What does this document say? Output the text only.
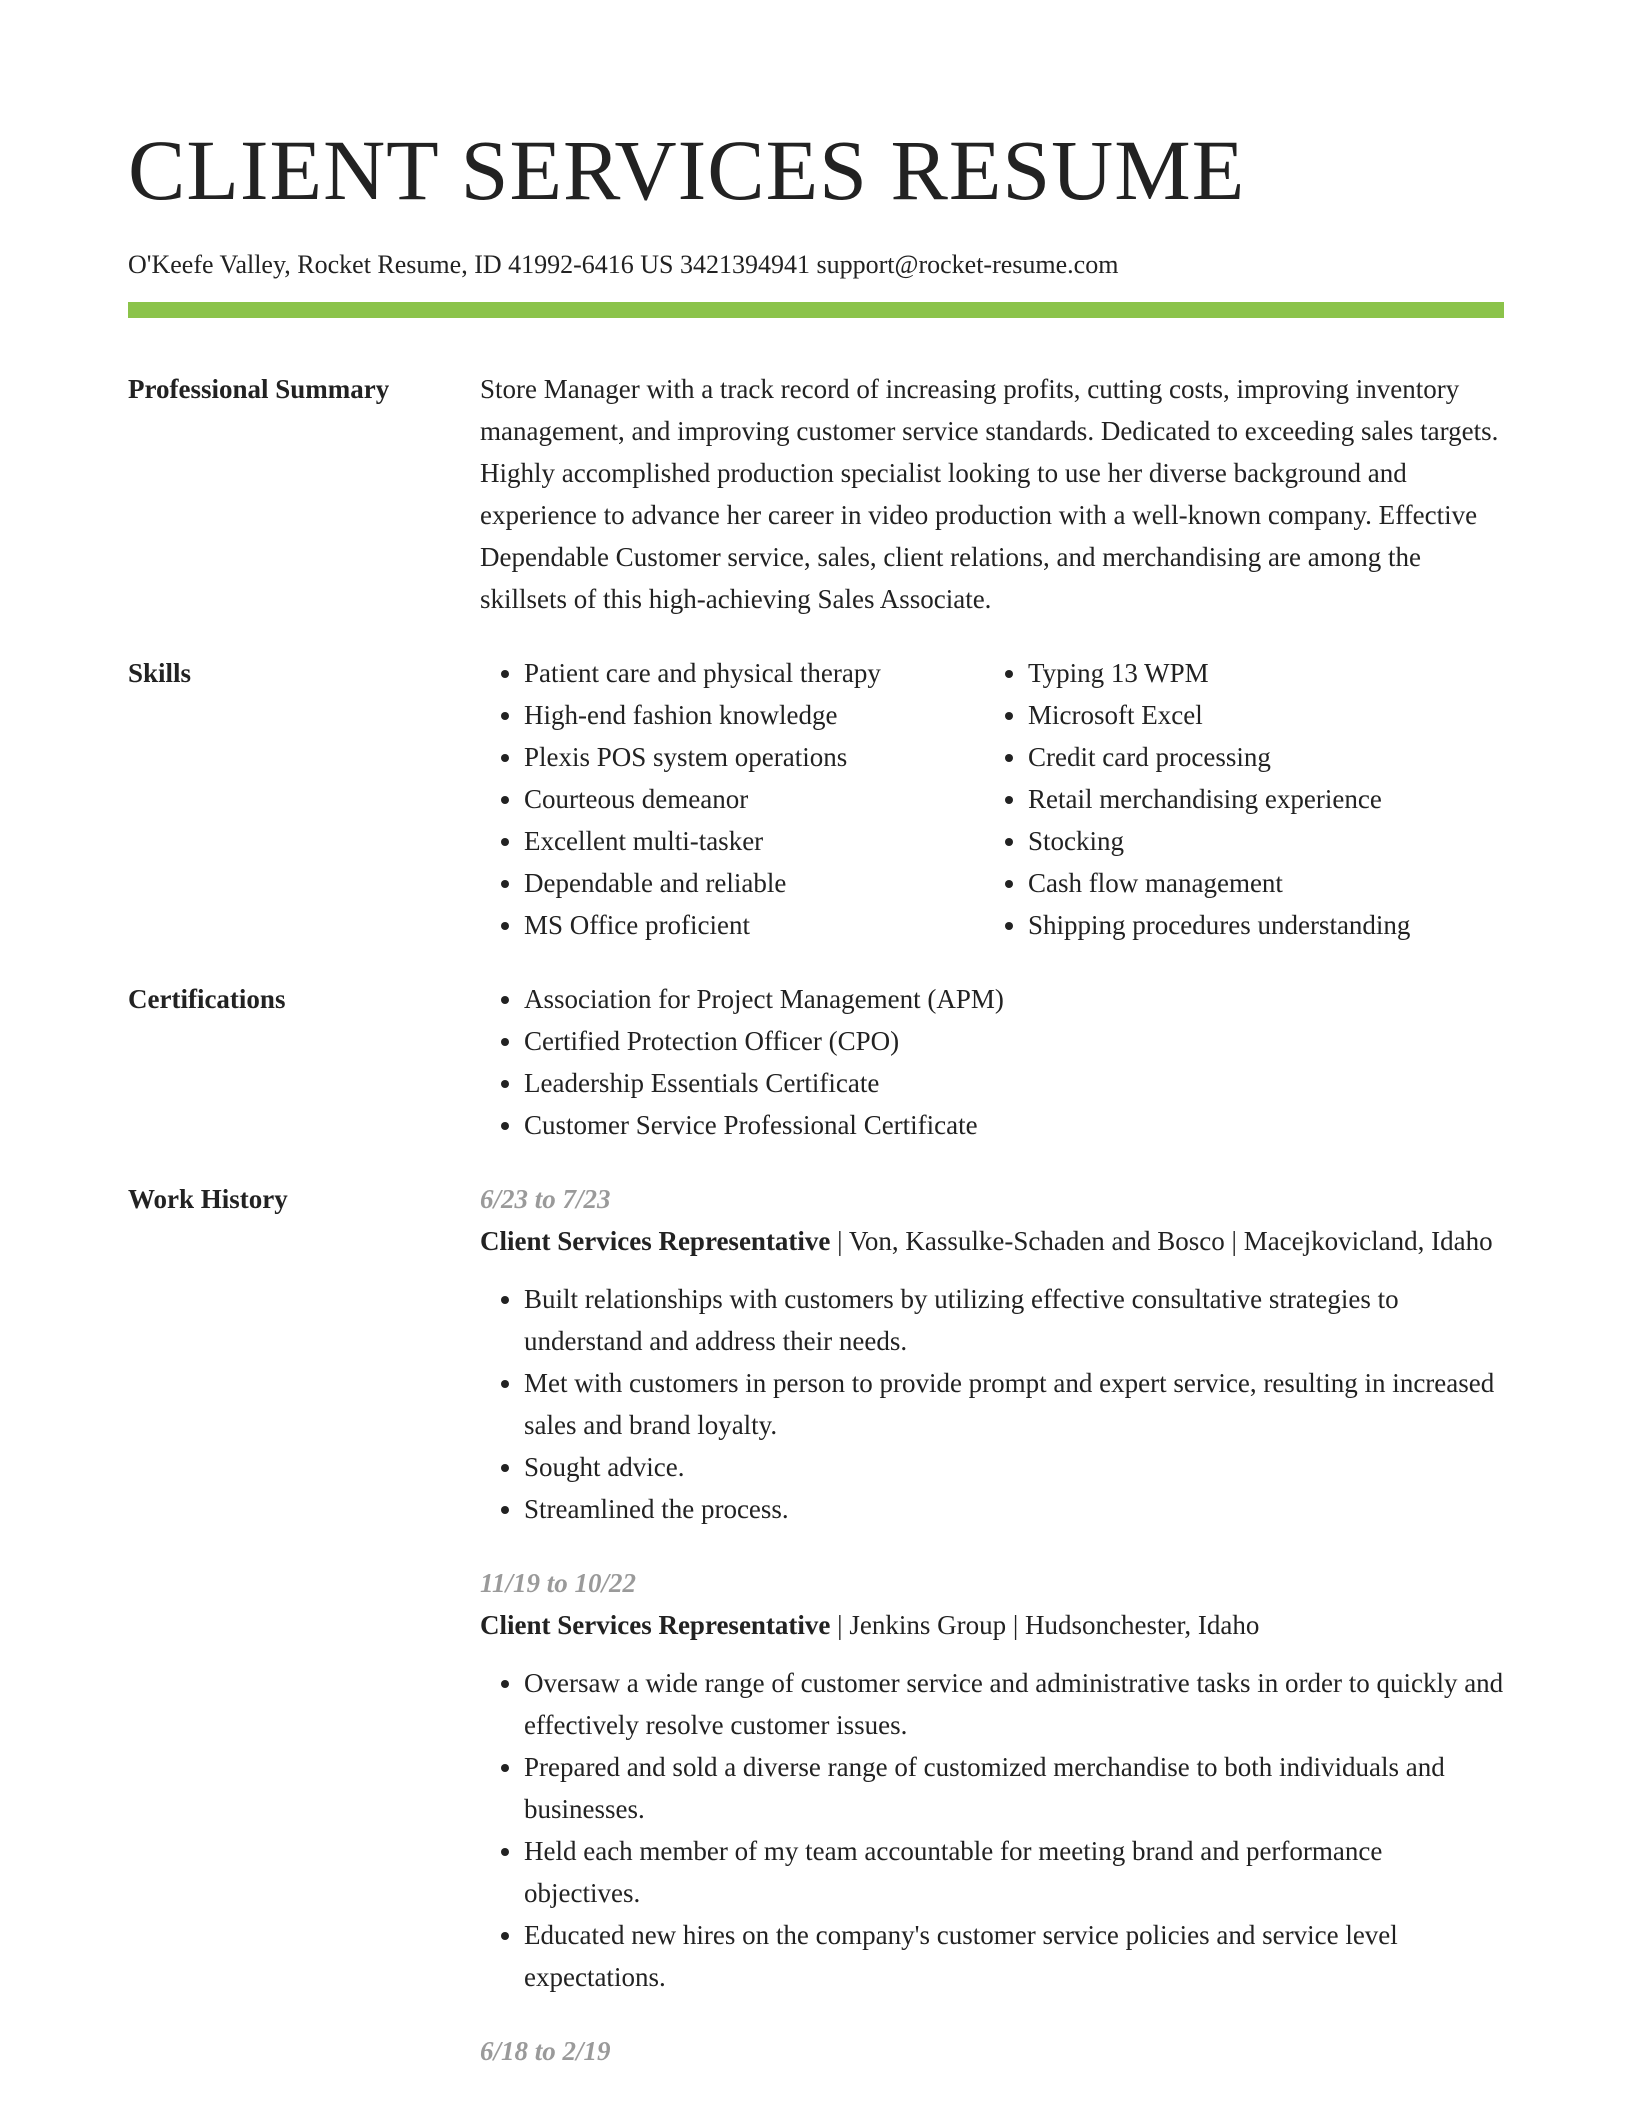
CLIENT SERVICES RESUME
O'Keefe Valley, Rocket Resume, ID 41992-6416 US 3421394941 support@rocket-resume.com
Professional Summary	Store Manager with a track record of increasing profits, cutting costs, improving inventory management, and improving customer service standards. Dedicated to exceeding sales targets. Highly accomplished production specialist looking to use her diverse background and experience to advance her career in video production with a well-known company. Effective Dependable Customer service, sales, client relations, and merchandising are among the skillsets of this high-achieving Sales Associate.

Skills	• Patient care and physical therapy
• High-end fashion knowledge
• Plexis POS system operations
• Courteous demeanor
• Excellent multi-tasker
• Dependable and reliable
• MS Office proficient
• Typing 13 WPM
• Microsoft Excel
• Credit card processing
• Retail merchandising experience
• Stocking
• Cash flow management
• Shipping procedures understanding
Certifications	• Association for Project Management (APM)
• Certified Protection Officer (CPO)
• Leadership Essentials Certificate
• Customer Service Professional Certificate
Work History	6/23 to 7/23
Client Services Representative | Von, Kassulke-Schaden and Bosco | Macejkovicland, Idaho
• Built relationships with customers by utilizing effective consultative strategies to understand and address their needs.
• Met with customers in person to provide prompt and expert service, resulting in increased sales and brand loyalty.
• Sought advice.
• Streamlined the process.
11/19 to 10/22
Client Services Representative | Jenkins Group | Hudsonchester, Idaho
• Oversaw a wide range of customer service and administrative tasks in order to quickly and effectively resolve customer issues.
• Prepared and sold a diverse range of customized merchandise to both individuals and businesses.
• Held each member of my team accountable for meeting brand and performance objectives.
• Educated new hires on the company's customer service policies and service level expectations.
6/18 to 2/19
